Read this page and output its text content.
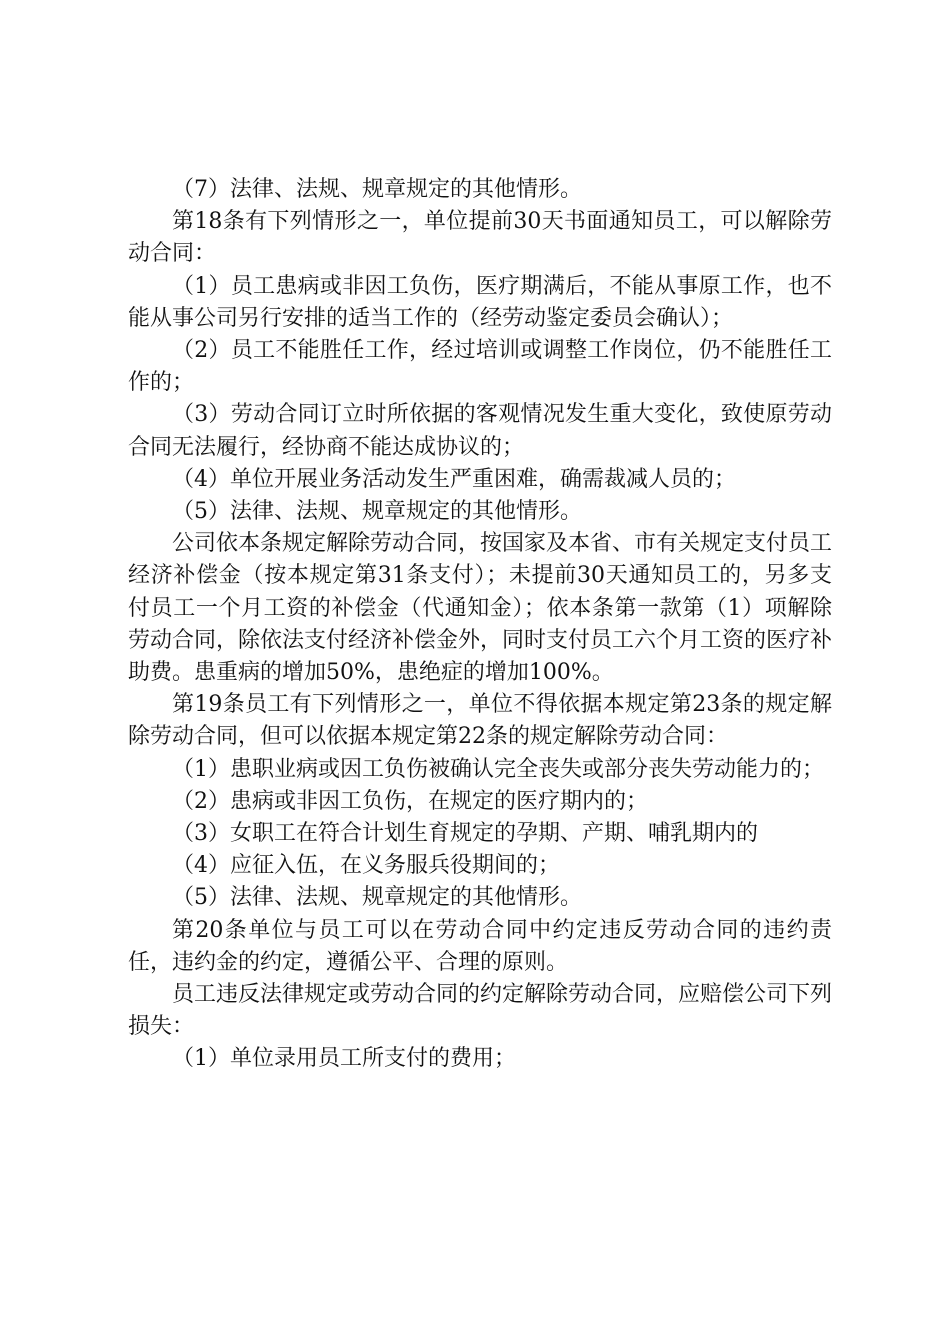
（7）法律、法规、规章规定的其他情形。

第18条有下列情形之一，单位提前30天书面通知员工，可以解除劳动合同：

（1）员工患病或非因工负伤，医疗期满后，不能从事原工作，也不能从事公司另行安排的适当工作的（经劳动鉴定委员会确认）；

（2）员工不能胜任工作，经过培训或调整工作岗位，仍不能胜任工作的；

（3）劳动合同订立时所依据的客观情况发生重大变化，致使原劳动合同无法履行，经协商不能达成协议的；

（4）单位开展业务活动发生严重困难，确需裁减人员的；

（5）法律、法规、规章规定的其他情形。

公司依本条规定解除劳动合同，按国家及本省、市有关规定支付员工经济补偿金（按本规定第31条支付）；未提前30天通知员工的，另多支付员工一个月工资的补偿金（代通知金）；依本条第一款第（1）项解除劳动合同，除依法支付经济补偿金外，同时支付员工六个月工资的医疗补助费。患重病的增加50%，患绝症的增加100%。

第19条员工有下列情形之一，单位不得依据本规定第23条的规定解除劳动合同，但可以依据本规定第22条的规定解除劳动合同：

（1）患职业病或因工负伤被确认完全丧失或部分丧失劳动能力的；

（2）患病或非因工负伤，在规定的医疗期内的；

（3）女职工在符合计划生育规定的孕期、产期、哺乳期内的

（4）应征入伍，在义务服兵役期间的；

（5）法律、法规、规章规定的其他情形。

第20条单位与员工可以在劳动合同中约定违反劳动合同的违约责任，违约金的约定，遵循公平、合理的原则。

员工违反法律规定或劳动合同的约定解除劳动合同，应赔偿公司下列损失：

（1）单位录用员工所支付的费用；
